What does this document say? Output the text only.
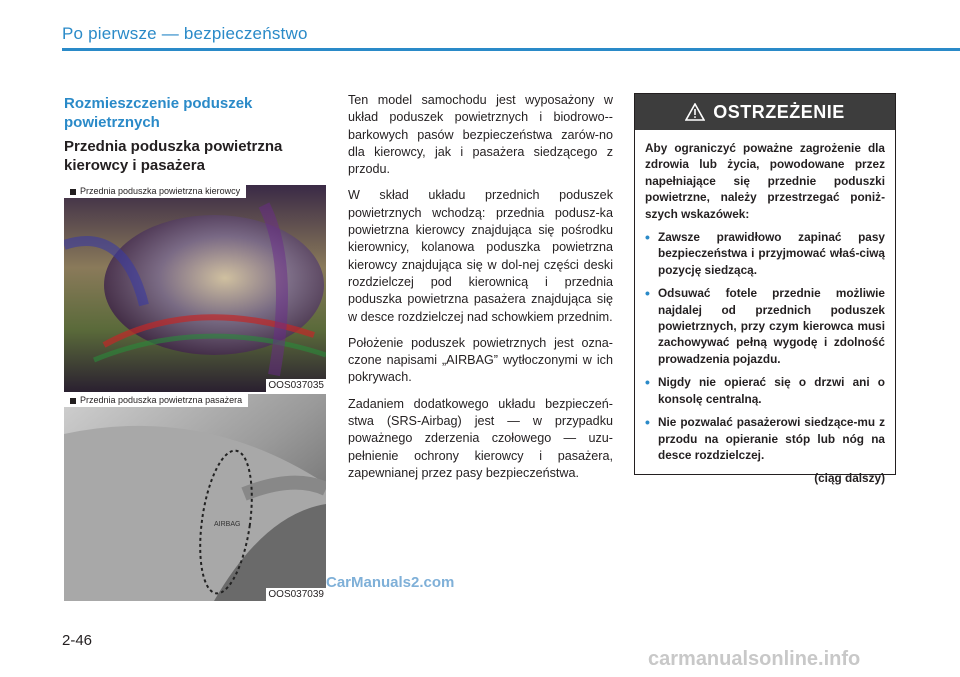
Po pierwsze — bezpieczeństwo
Rozmieszczenie poduszek powietrznych
Przednia poduszka powietrzna kierowcy i pasażera
Przednia poduszka powietrzna kierowcy
OOS037035
AIRBAG
Przednia poduszka powietrzna pasażera
OOS037039

Ten model samochodu jest wyposażony w układ poduszek powietrznych i biodrowo--barkowych pasów bezpieczeństwa zarów-no dla kierowcy, jak i pasażera siedzącego z przodu.

W skład układu przednich poduszek powietrznych wchodzą: przednia podusz-ka powietrzna kierowcy znajdująca się pośrodku kierownicy, kolanowa poduszka powietrzna kierowcy znajdująca się w dol-nej części deski rozdzielczej pod kierownicą i przednia poduszka powietrzna pasażera znajdująca się w desce rozdzielczej nad schowkiem przednim.

Położenie poduszek powietrznych jest ozna-czone napisami „AIRBAG” wytłoczonymi w ich pokrywach.

Zadaniem dodatkowego układu bezpieczeń-stwa (SRS-Airbag) jest — w przypadku poważnego zderzenia czołowego — uzu-pełnienie ochrony kierowcy i pasażera, zapewnianej przez pasy bezpieczeństwa.

OSTRZEŻENIE

Aby ograniczyć poważne zagrożenie dla zdrowia lub życia, powodowane przez napełniające się przednie poduszki powietrzne, należy przestrzegać poniż-szych wskazówek:

• Zawsze prawidłowo zapinać pasy bezpieczeństwa i przyjmować właś-ciwą pozycję siedzącą.
• Odsuwać fotele przednie możliwie najdalej od przednich poduszek powietrznych, przy czym kierowca musi zachowywać pełną wygodę i zdolność prowadzenia pojazdu.
• Nigdy nie opierać się o drzwi ani o konsolę centralną.
• Nie pozwalać pasażerowi siedzące-mu z przodu na opieranie stóp lub nóg na desce rozdzielczej.
(ciąg dalszy)
CarManuals2.com
2-46
carmanualsonline.info
